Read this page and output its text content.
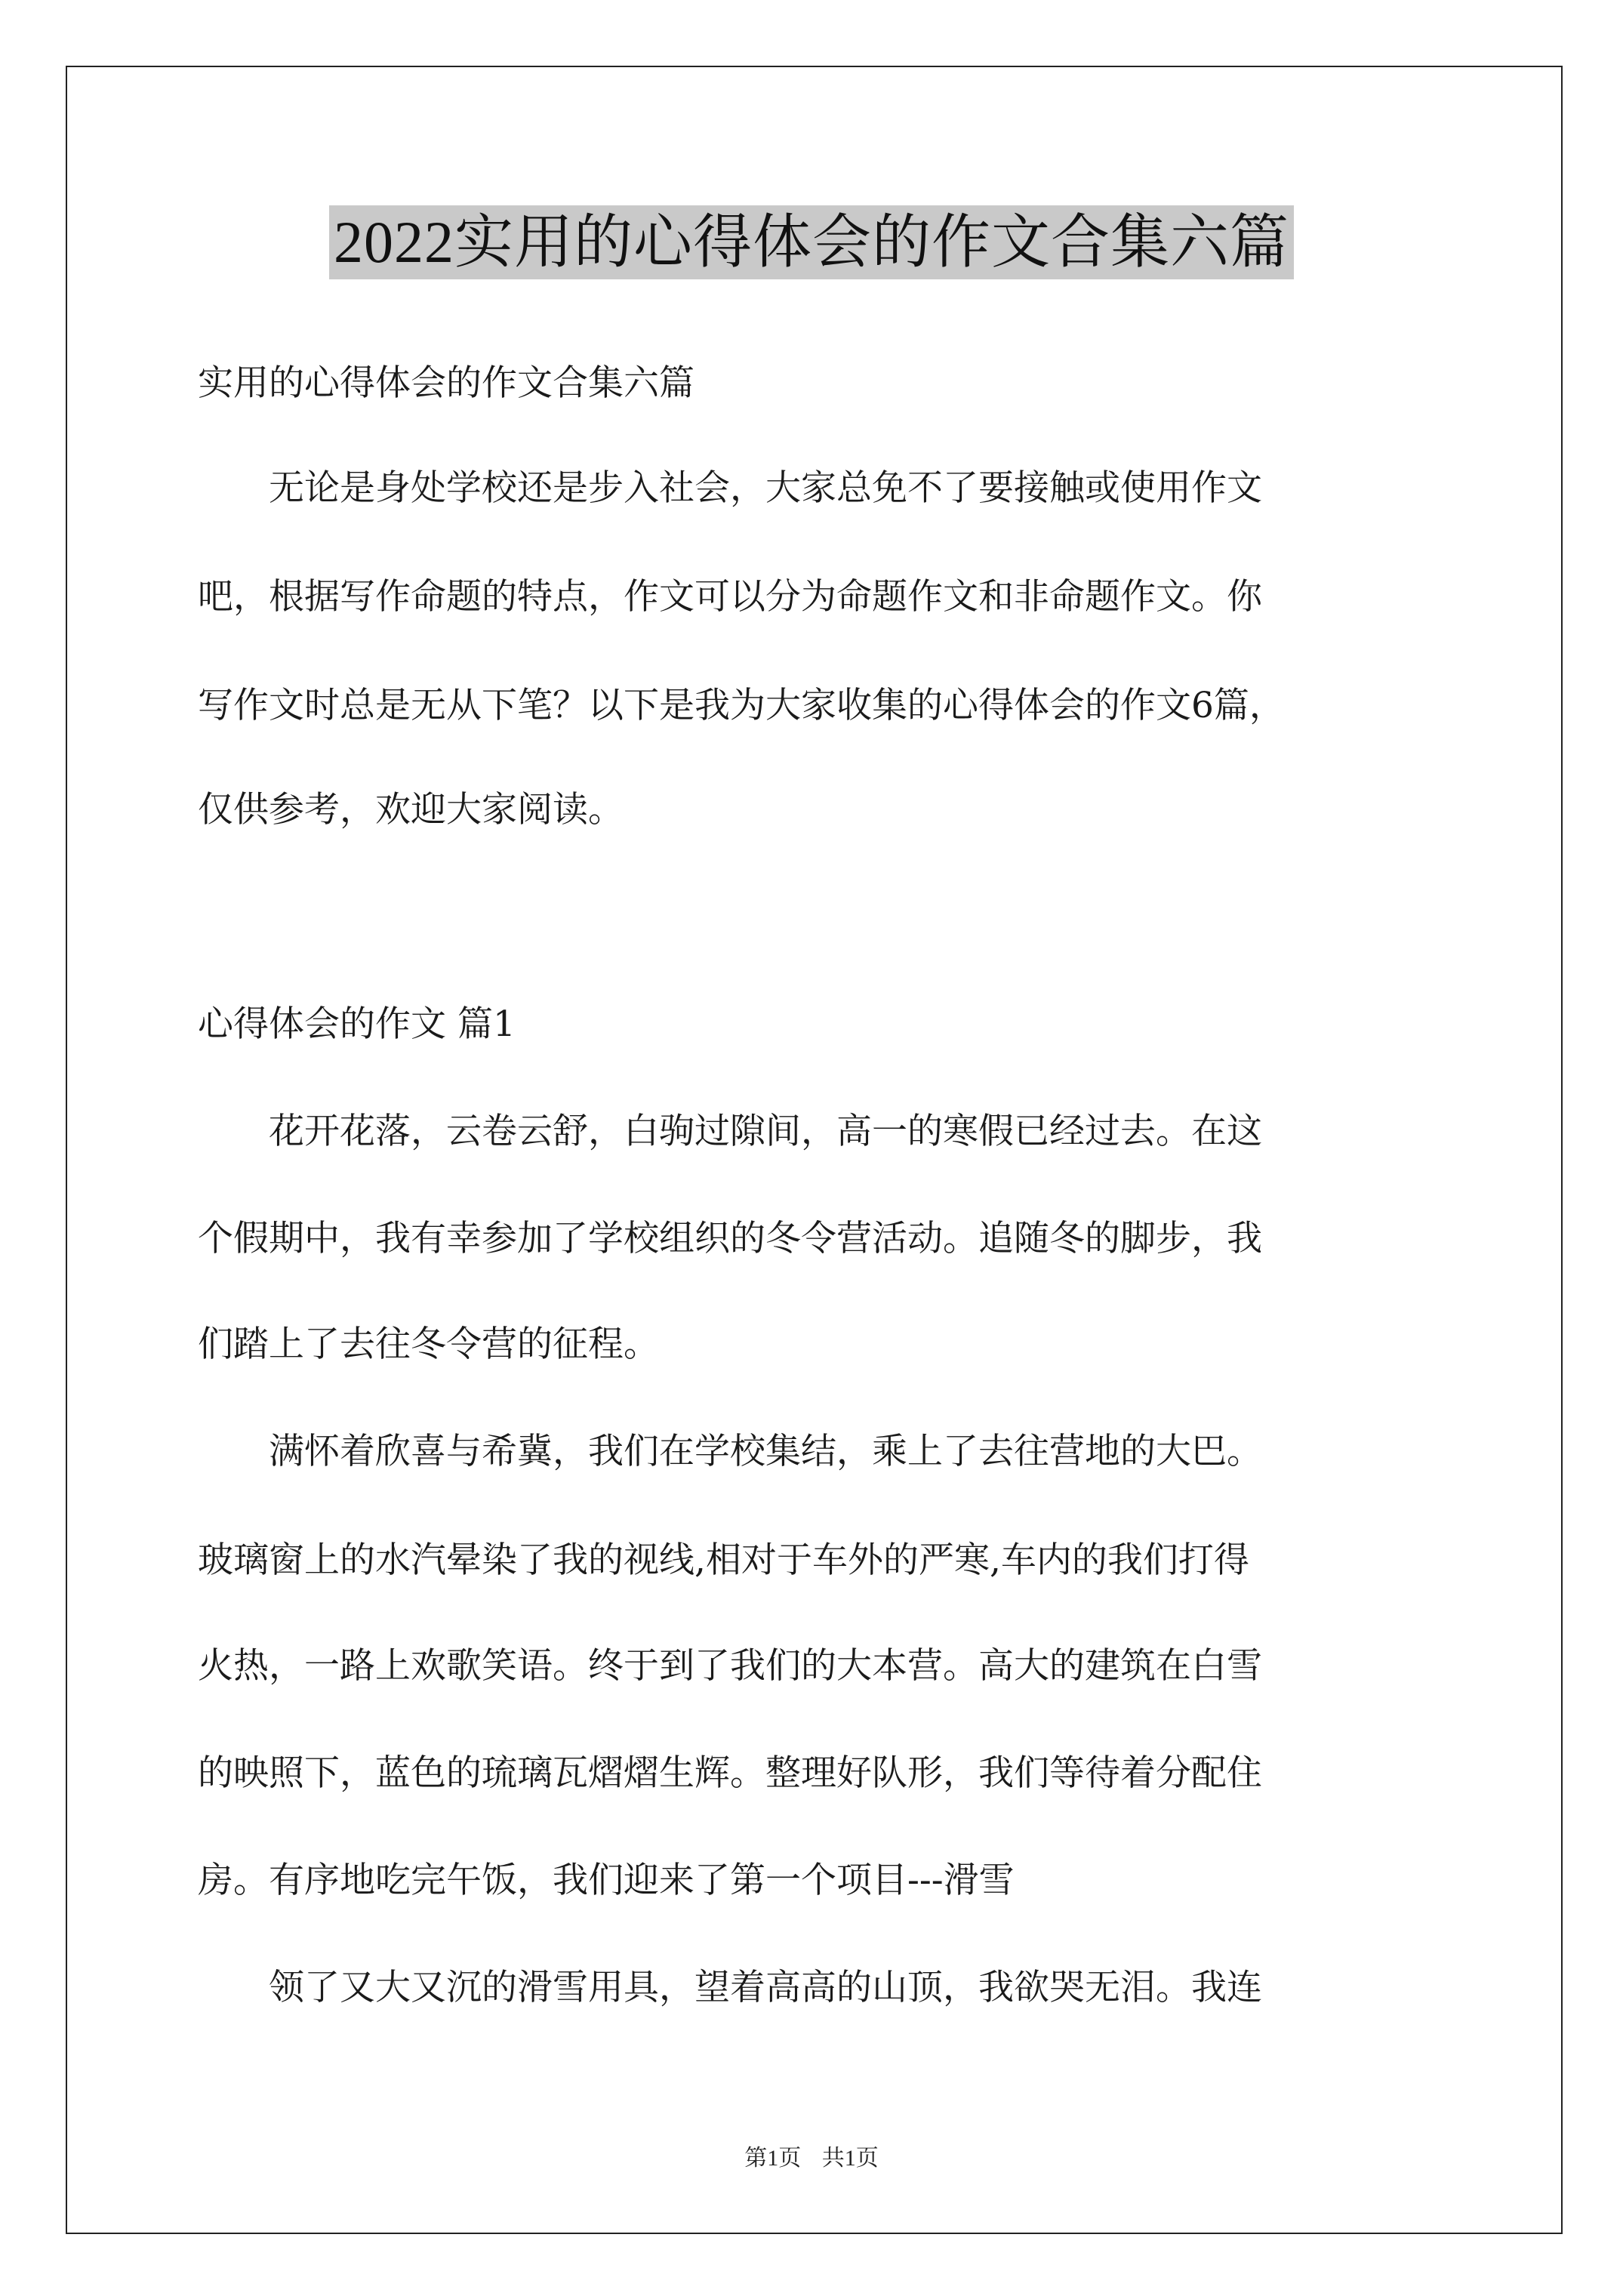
2022实用的心得体会的作文合集六篇
实用的心得体会的作文合集六篇
　　无论是身处学校还是步入社会，大家总免不了要接触或使用作文
吧，根据写作命题的特点，作文可以分为命题作文和非命题作文。你
写作文时总是无从下笔？以下是我为大家收集的心得体会的作文6篇，
仅供参考，欢迎大家阅读。
心得体会的作文 篇1
　　花开花落，云卷云舒，白驹过隙间，高一的寒假已经过去。在这
个假期中，我有幸参加了学校组织的冬令营活动。追随冬的脚步，我
们踏上了去往冬令营的征程。
　　满怀着欣喜与希冀，我们在学校集结，乘上了去往营地的大巴。
玻璃窗上的水汽晕染了我的视线,相对于车外的严寒,车内的我们打得
火热，一路上欢歌笑语。终于到了我们的大本营。高大的建筑在白雪
的映照下，蓝色的琉璃瓦熠熠生辉。整理好队形，我们等待着分配住
房。有序地吃完午饭，我们迎来了第一个项目---滑雪
　　领了又大又沉的滑雪用具，望着高高的山顶，我欲哭无泪。我连
第1页 共1页
